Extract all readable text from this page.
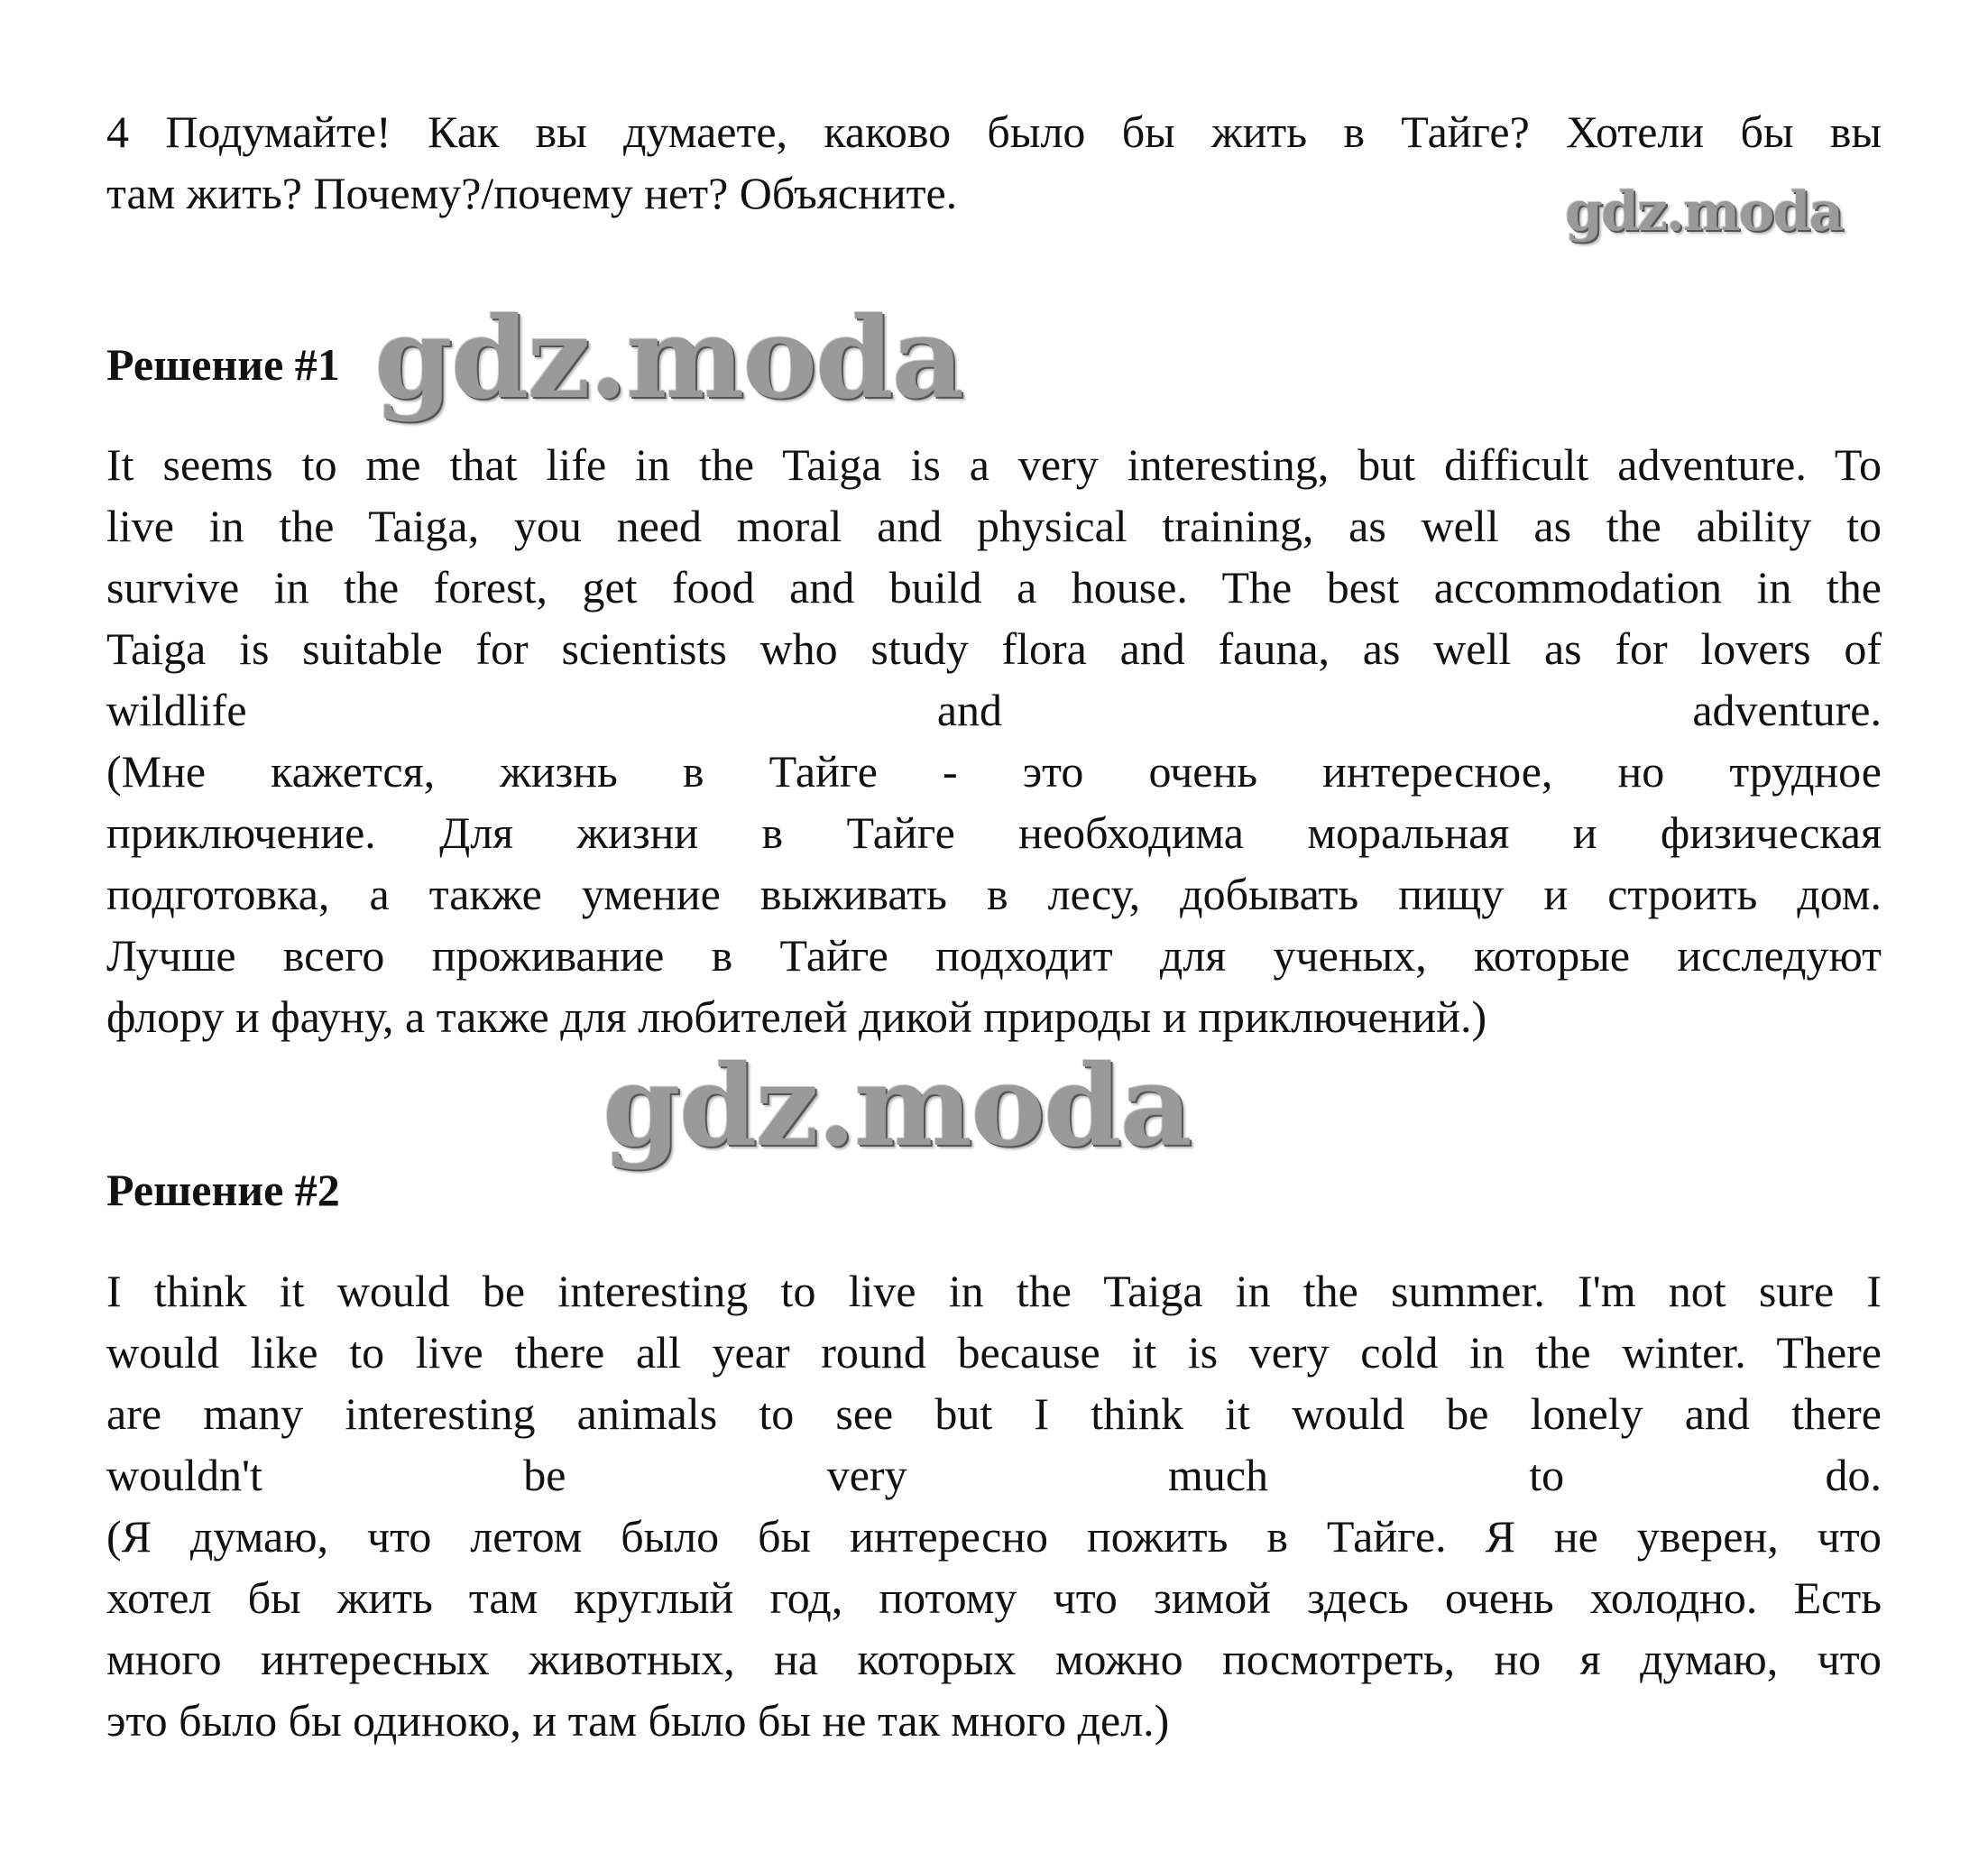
4 Подумайте! Как вы думаете, каково было бы жить в Тайге? Хотели бы вы
там жить? Почему?/почему нет? Объясните.	gdz.moda
Решение #1 gdz.moda
It seems to me that life in the Taiga is a very interesting, but difficult adventure. To
live in the Taiga, you need moral and physical training, as well as the ability to
survive in the forest, get food and build a house. The best accommodation in the
Taiga is suitable for scientists who study flora and fauna, as well as for lovers of
wildlife and adventure.
(Мне кажется, жизнь в Тайге - это очень интересное, но трудное
приключение. Для жизни в Тайге необходима моральная и физическая
подготовка, а также умение выживать в лесу, добывать пищу и строить дом.
Лучше всего проживание в Тайге подходит для ученых, которые исследуют
флору и фауну, а также для любителей дикой природы и приключений.)
gdz.moda
Решение #2
I think it would be interesting to live in the Taiga in the summer. I'm not sure I
would like to live there all year round because it is very cold in the winter. There
are many interesting animals to see but I think it would be lonely and there
wouldn't be very much to do.
(Я думаю, что летом было бы интересно пожить в Тайге. Я не уверен, что
хотел бы жить там круглый год, потому что зимой здесь очень холодно. Есть
много интересных животных, на которых можно посмотреть, но я думаю, что
это было бы одиноко, и там было бы не так много дел.)
